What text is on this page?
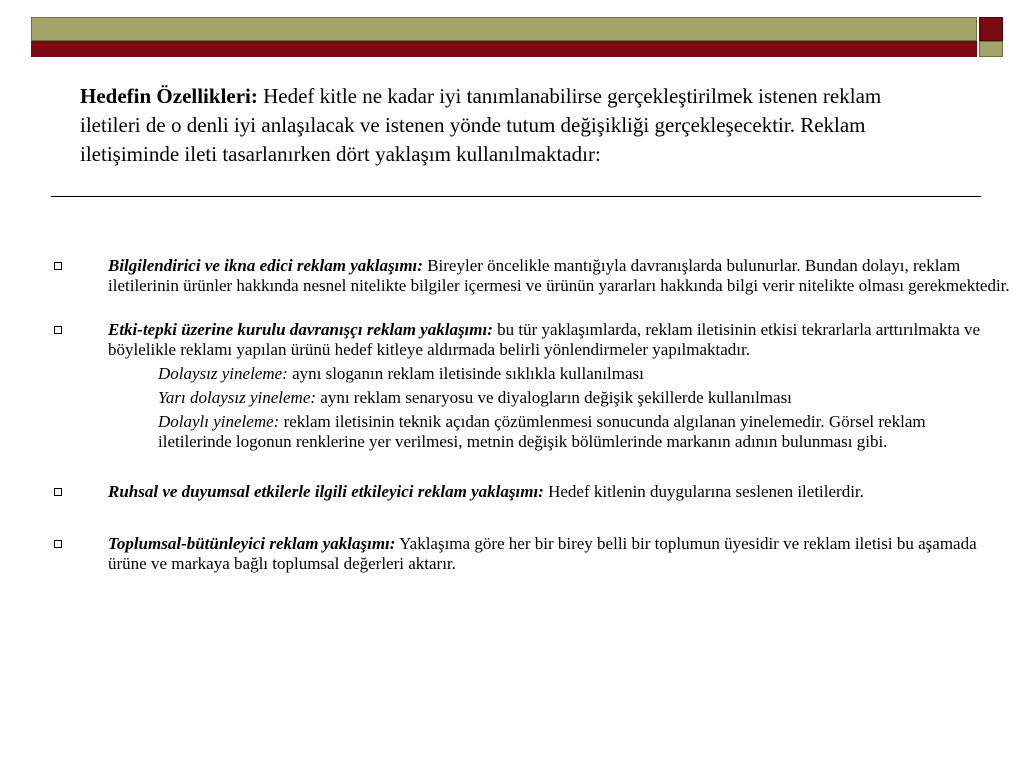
Hedefin Özellikleri: Hedef kitle ne kadar iyi tanımlanabilirse gerçekleştirilmek istenen reklam iletileri de o denli iyi anlaşılacak ve istenen yönde tutum değişikliği gerçekleşecektir. Reklam iletişiminde ileti tasarlanırken dört yaklaşım kullanılmaktadır:
Bilgilendirici ve ikna edici reklam yaklaşımı: Bireyler öncelikle mantığıyla davranışlarda bulunurlar. Bundan dolayı, reklam iletilerinin ürünler hakkında nesnel nitelikte bilgiler içermesi ve ürünün yararları hakkında bilgi verir nitelikte olması gerekmektedir.
Etki-tepki üzerine kurulu davranışçı reklam yaklaşımı: bu tür yaklaşımlarda, reklam iletisinin etkisi tekrarlarla arttırılmakta ve böylelikle reklamı yapılan ürünü hedef kitleye aldırmada belirli yönlendirmeler yapılmaktadır.
Dolaysız yineleme: aynı sloganın reklam iletisinde sıklıkla kullanılması
Yarı dolaysız yineleme: aynı reklam senaryosu ve diyalogların değişik şekillerde kullanılması
Dolaylı yineleme: reklam iletisinin teknik açıdan çözümlenmesi sonucunda algılanan yinelemedir. Görsel reklam iletilerinde logonun renklerine yer verilmesi, metnin değişik bölümlerinde markanın adının bulunması gibi.
Ruhsal ve duyumsal etkilerle ilgili etkileyici reklam yaklaşımı: Hedef kitlenin duygularına seslenen iletilerdir.
Toplumsal-bütünleyici reklam yaklaşımı: Yaklaşıma göre her bir birey belli bir toplumun üyesidir ve reklam iletisi bu aşamada ürüne ve markaya bağlı toplumsal değerleri aktarır.
